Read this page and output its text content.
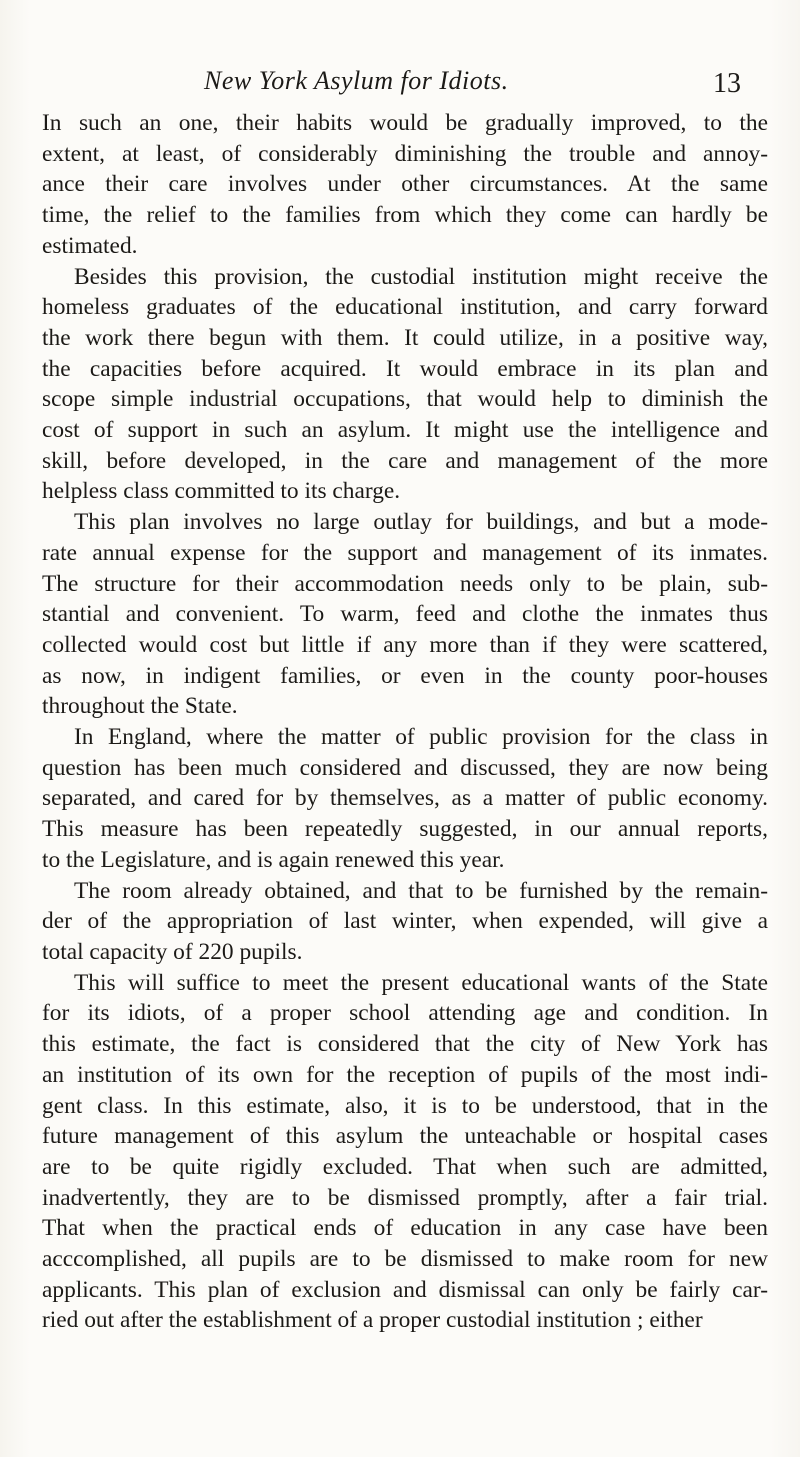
New York Asylum for Idiots.	13

In such an one, their habits would be gradually improved, to the
extent, at least, of considerably diminishing the trouble and annoy-
ance their care involves under other circumstances. At the same
time, the relief to the families from which they come can hardly be
estimated.

Besides this provision, the custodial institution might receive the
homeless graduates of the educational institution, and carry forward
the work there begun with them. It could utilize, in a positive way,
the capacities before acquired. It would embrace in its plan and
scope simple industrial occupations, that would help to diminish the
cost of support in such an asylum. It might use the intelligence and
skill, before developed, in the care and management of the more
helpless class committed to its charge.

This plan involves no large outlay for buildings, and but a mode-
rate annual expense for the support and management of its inmates.
The structure for their accommodation needs only to be plain, sub-
stantial and convenient. To warm, feed and clothe the inmates thus
collected would cost but little if any more than if they were scattered,
as now, in indigent families, or even in the county poor-houses
throughout the State.

In England, where the matter of public provision for the class in
question has been much considered and discussed, they are now being
separated, and cared for by themselves, as a matter of public economy.
This measure has been repeatedly suggested, in our annual reports,
to the Legislature, and is again renewed this year.

The room already obtained, and that to be furnished by the remain-
der of the appropriation of last winter, when expended, will give a
total capacity of 220 pupils.

This will suffice to meet the present educational wants of the State
for its idiots, of a proper school attending age and condition. In
this estimate, the fact is considered that the city of New York has
an institution of its own for the reception of pupils of the most indi-
gent class. In this estimate, also, it is to be understood, that in the
future management of this asylum the unteachable or hospital cases
are to be quite rigidly excluded. That when such are admitted,
inadvertently, they are to be dismissed promptly, after a fair trial.
That when the practical ends of education in any case have been
acccomplished, all pupils are to be dismissed to make room for new
applicants. This plan of exclusion and dismissal can only be fairly car-
ried out after the establishment of a proper custodial institution ; either
